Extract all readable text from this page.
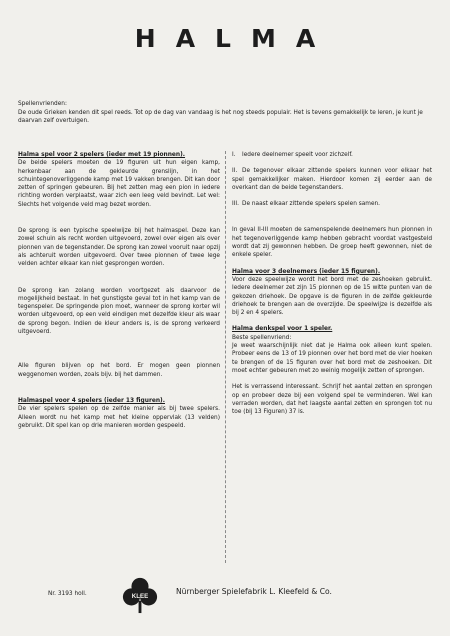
HALMA

Spellenvrienden:

De oude Grieken kenden dit spel reeds. Tot op de dag van vandaag is het nog steeds populair. Het is tevens gemakkelijk te leren, je kunt je daarvan zelf overtuigen.

Halma spel voor 2 spelers (ieder met 19 pionnen).

De beide spelers moeten de 19 figuren uit hun eigen kamp, herkenbaar aan de gekleurde grenslijn, in het schuintegenoverliggende kamp met 19 vakken brengen. Dit kan door zetten of springen gebeuren. Bij het zetten mag een pion in iedere richting worden verplaatst, waar zich een leeg veld bevindt. Let wel: Slechts het volgende veld mag bezet worden.

De sprong is een typische speelwijze bij het halmaspel. Deze kan zowel schuin als recht worden uitgevoerd, zowel over eigen als over pionnen van de tegenstander. De sprong kan zowel vooruit naar opzij als achteruit worden uitgevoerd. Over twee pionnen of twee lege velden achter elkaar kan niet gesprongen worden.

De sprong kan zolang worden voortgezet als daarvoor de mogelijkheid bestaat. In het gunstigste geval tot in het kamp van de tegenspeler. De springende pion moet, wanneer de sprong korter wil worden uitgevoerd, op een veld eindigen met dezelfde kleur als waar de sprong begon. Indien de kleur anders is, is de sprong verkeerd uitgevoerd.

Alle figuren blijven op het bord. Er mogen geen pionnen weggenomen worden, zoals bijv. bij het dammen.

Halmaspel voor 4 spelers (ieder 13 figuren).

De vier spelers spelen op de zelfde manier als bij twee spelers. Alleen wordt nu het kamp met het kleine oppervlak (13 velden) gebruikt. Dit spel kan op drie manieren worden gespeeld.

I. Iedere deelnemer speelt voor zichzelf.

II. De tegenover elkaar zittende spelers kunnen voor elkaar het spel gemakkelijker maken. Hierdoor komen zij eerder aan de overkant dan de beide tegenstanders.

III. De naast elkaar zittende spelers spelen samen.

In geval II-III moeten de samenspelende deelnemers hun pionnen in het tegenoverliggende kamp hebben gebracht voordat vastgesteld wordt dat zij gewonnen hebben. De groep heeft gewonnen, niet de enkele speler.

Halma voor 3 deelnemers (ieder 15 figuren).

Voor deze speelwijze wordt het bord met de zeshoeken gebruikt. Iedere deelnemer zet zijn 15 pionnen op de 15 witte punten van de gekozen driehoek. De opgave is de figuren in de zelfde gekleurde driehoek te brengen aan de overzijde. De speelwijze is dezelfde als bij 2 en 4 spelers.

Halma denkspel voor 1 speler.

Beste spellenvriend:

Je weet waarschijnlijk niet dat je Halma ook alleen kunt spelen. Probeer eens de 13 of 19 pionnen over het bord met de vier hoeken te brengen of de 15 figuren over het bord met de zeshoeken. Dit moet echter gebeuren met zo weinig mogelijk zetten of sprongen.

Het is verrassend interessant. Schrijf het aantal zetten en sprongen op en probeer deze bij een volgend spel te verminderen. Wel kan verraden worden, dat het laagste aantal zetten en sprongen tot nu toe (bij 13 Figuren) 37 is.

Nr. 3193 holl.	KLEE
Nürnberger Spielefabrik L. Kleefeld & Co.
